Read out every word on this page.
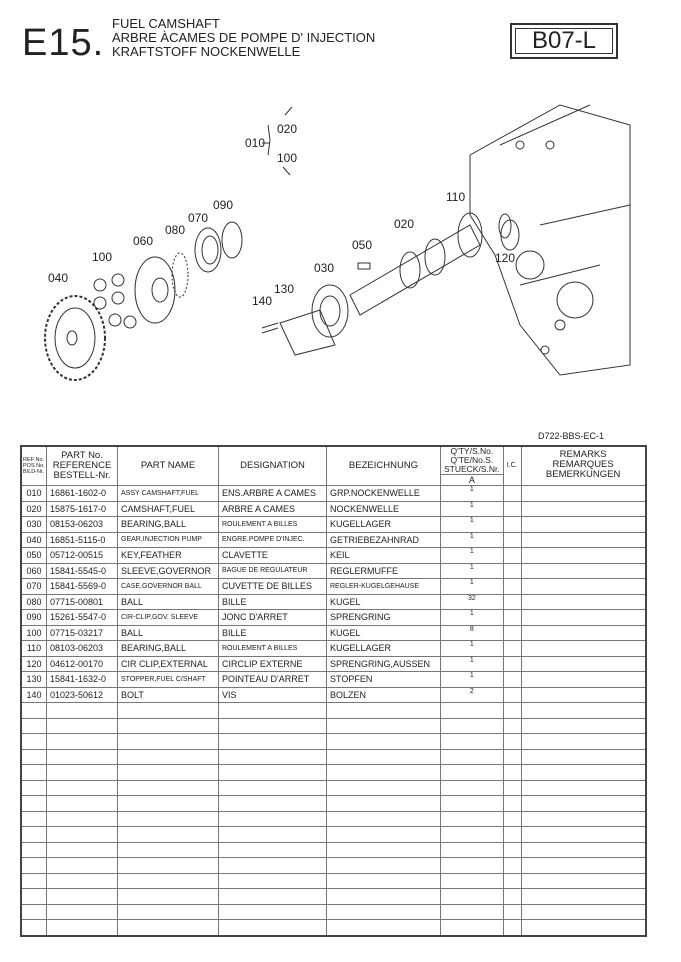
E15. FUEL CAMSHAFT
ARBRE ÀCAMES DE POMPE D' INJECTION
KRAFTSTOFF NOCKENWELLE	B07-L
020
010
100
090
070
080
060
100
040
050
020
110
120
030
130
140
D722-BBS-EC-1
REF No.
POS No.
BILD-Nr.	PART No.
REFERENCE
BESTELL-Nr.	PART NAME	DESIGNATION	BEZEICHNUNG	Q'TY/S.No.
Q'TE/No.S.
STUECK/S.Nr.	I.C.	REMARKS
REMARQUES
BEMERKUNGEN
					A		
010	16861-1602-0	ASSY CAMSHAFT,FUEL	ENS.ARBRE A CAMES	GRP.NOCKENWELLE	1		
020	15875-1617-0	CAMSHAFT,FUEL	ARBRE A CAMES	NOCKENWELLE	1		
030	08153-06203	BEARING,BALL	ROULEMENT A BILLES	KUGELLAGER	1		
040	16851-5115-0	GEAR,INJECTION PUMP	ENGRE.POMPE D'INJEC.	GETRIEBEZAHNRAD	1		
050	05712-00515	KEY,FEATHER	CLAVETTE	KEIL	1		
060	15841-5545-0	SLEEVE,GOVERNOR	BAGUE DE REGULATEUR	REGLERMUFFE	1		
070	15841-5569-0	CASE,GOVERNOR BALL	CUVETTE DE BILLES	REGLER-KUGELGEHAUSE	1		
080	07715-00801	BALL	BILLE	KUGEL	32		
090	15261-5547-0	CIR-CLIP,GOV. SLEEVE	JONC D'ARRET	SPRENGRING	1		
100	07715-03217	BALL	BILLE	KUGEL	8		
110	08103-06203	BEARING,BALL	ROULEMENT A BILLES	KUGELLAGER	1		
120	04612-00170	CIR CLIP,EXTERNAL	CIRCLIP EXTERNE	SPRENGRING,AUSSEN	1		
130	15841-1632-0	STOPPER,FUEL C/SHAFT	POINTEAU D'ARRET	STOPFEN	1		
140	01023-50612	BOLT	VIS	BOLZEN	2		
